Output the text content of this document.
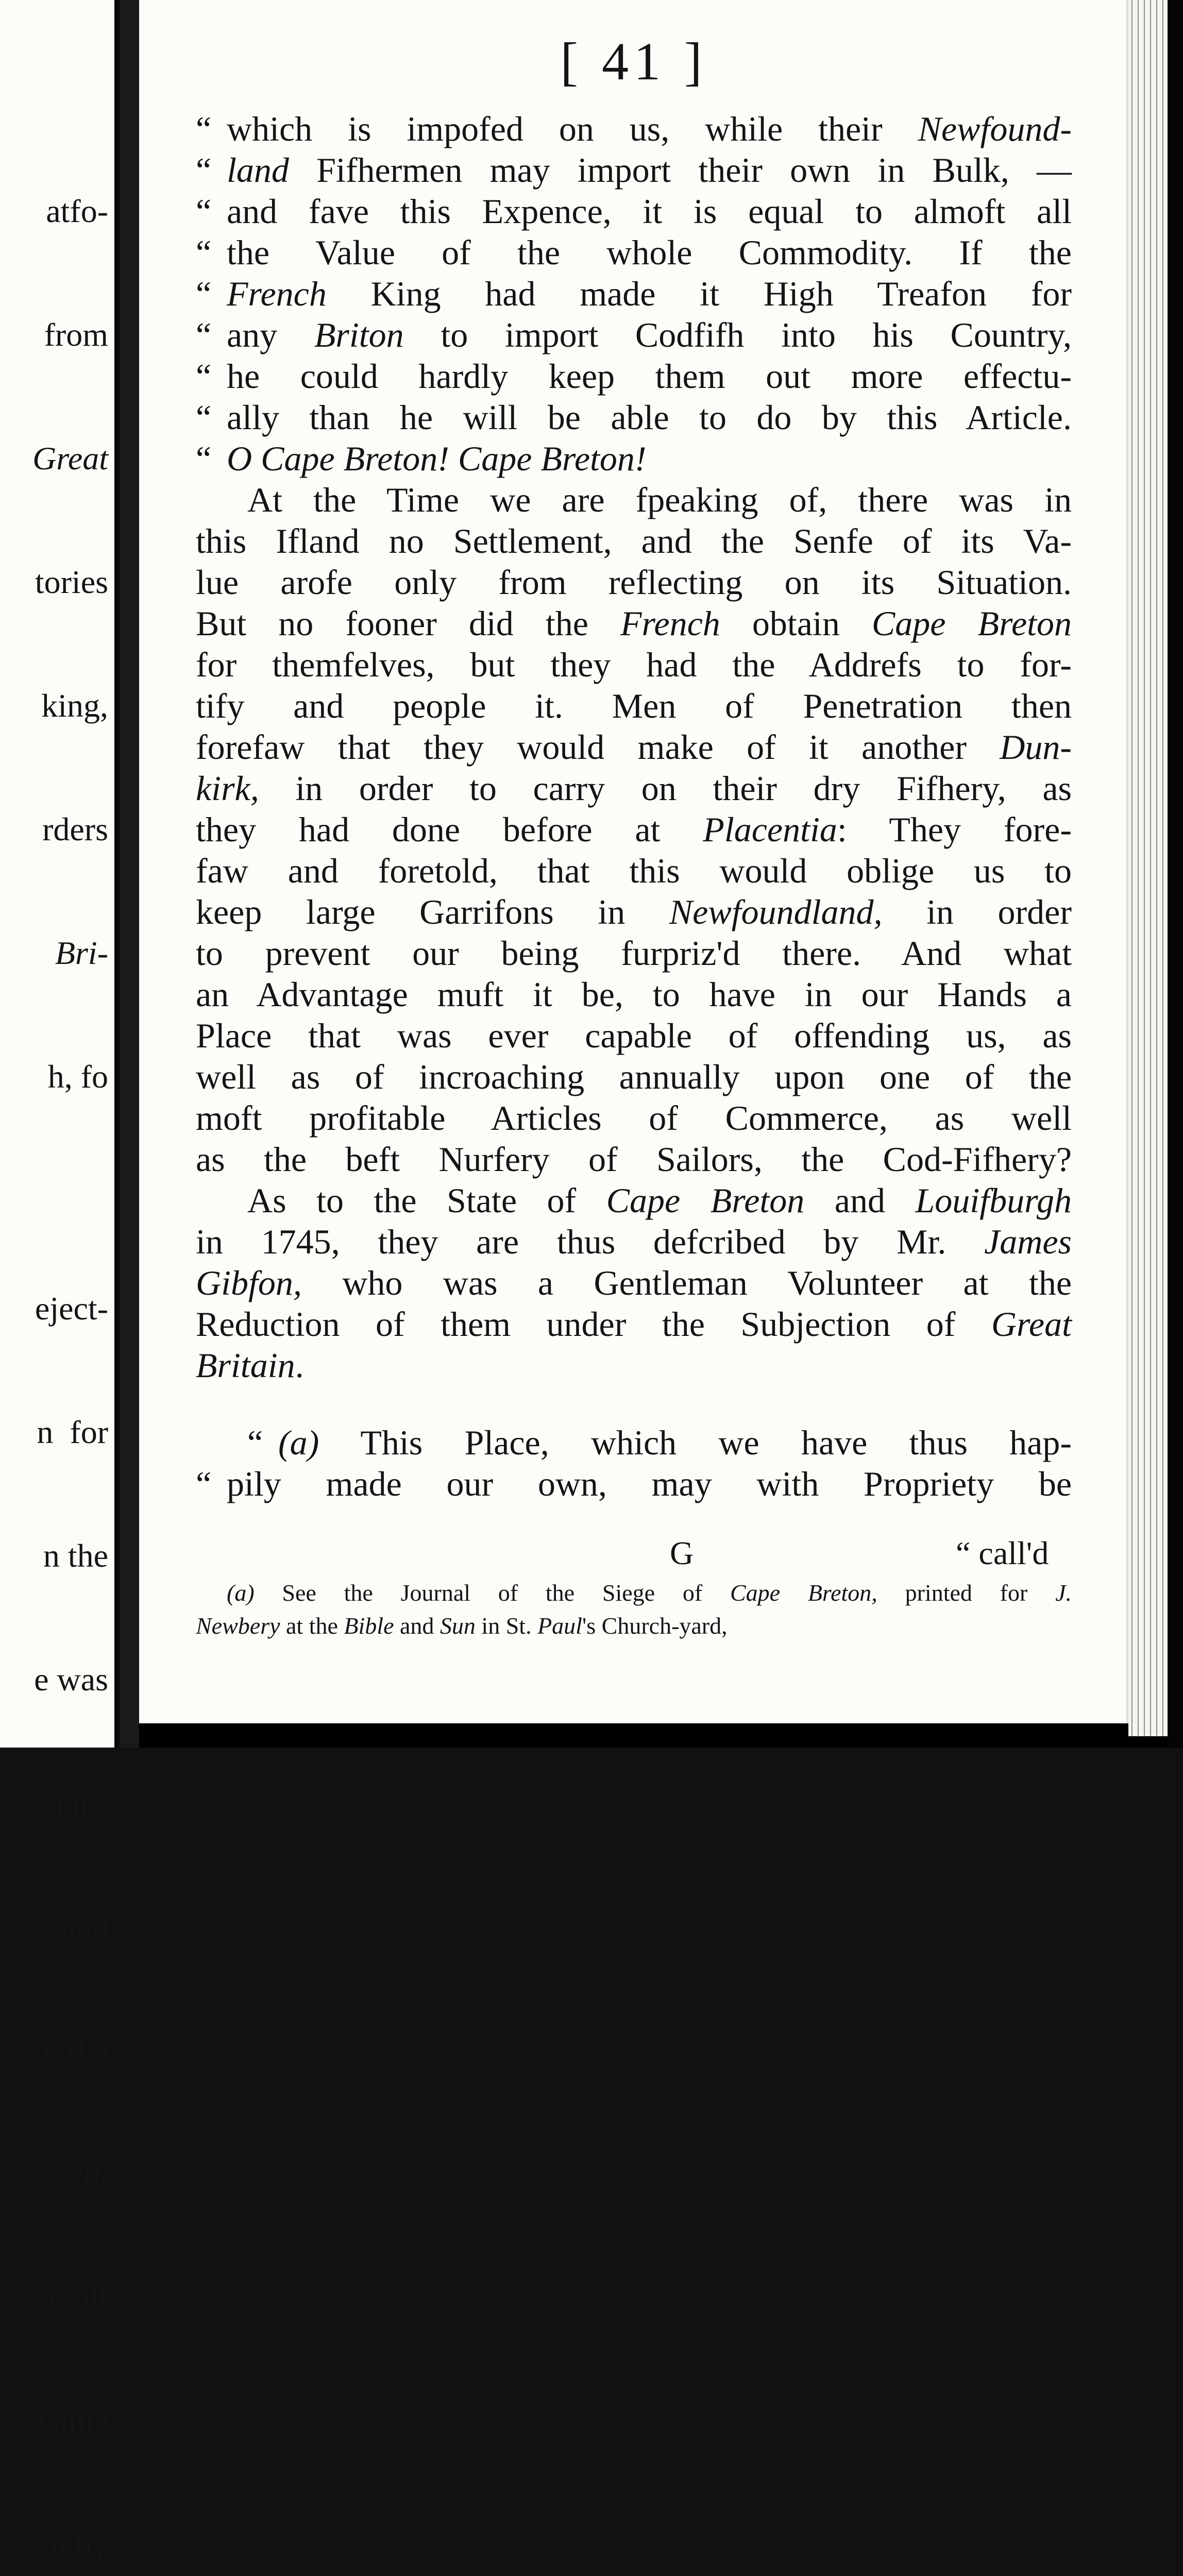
atfo-

from

Great

tories

king,

rders

Bri-

h, fo

eject-

n  for

n the

e was

h in-

, and

t  the

rved,

at  all

Value

m by

[ 41 ]
“ which is impofed on us, while their Newfound-
“ land Fifhermen may import their own in Bulk, —
“ and fave this Expence, it is equal to almoft all
“ the Value of the whole Commodity. If the
“ French King had made it High Treafon for
“ any Briton to import Codfifh into his Country,
“ he could hardly keep them out more effectu-
“ ally than he will be able to do by this Article.
“ O Cape Breton! Cape Breton!
At the Time we are fpeaking of, there was in
this Ifland no Settlement, and the Senfe of its Va-
lue arofe only from reflecting on its Situation.
But no fooner did the French obtain Cape Breton
for themfelves, but they had the Addrefs to for-
tify and people it. Men of Penetration then
forefaw that they would make of it another Dun-
kirk, in order to carry on their dry Fifhery, as
they had done before at Placentia: They fore-
faw and foretold, that this would oblige us to
keep large Garrifons in Newfoundland, in order
to prevent our being furpriz'd there. And what
an Advantage muft it be, to have in our Hands a
Place that was ever capable of offending us, as
well as of incroaching annually upon one of the
moft profitable Articles of Commerce, as well
as the beft Nurfery of Sailors, the Cod-Fifhery?
As to the State of Cape Breton and Louifburgh
in 1745, they are thus defcribed by Mr. James
Gibfon, who was a Gentleman Volunteer at the
Reduction of them under the Subjection of Great
Britain.
“ (a) This Place, which we have thus hap-
“ pily made our own, may with Propriety be
G	“ call'd
(a) See the Journal of the Siege of Cape Breton, printed for J.
Newbery at the Bible and Sun in St. Paul's Church-yard,
